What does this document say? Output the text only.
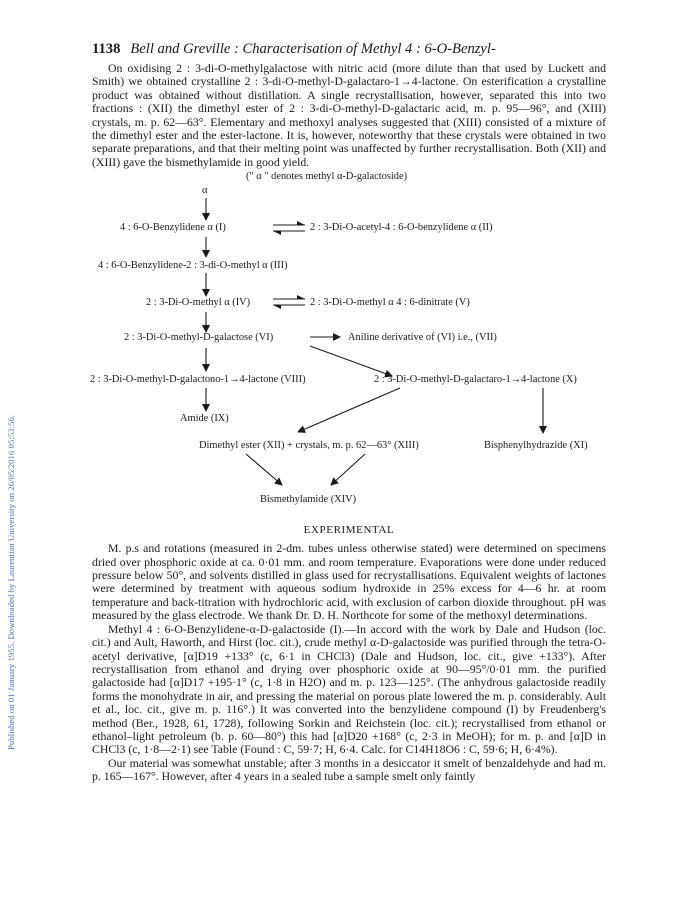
Published on 01 January 1955. Downloaded by Laurentian University on 26/05/2016 05:53:56.
1138 Bell and Greville : Characterisation of Methyl 4 : 6-O-Benzyl-

On oxidising 2 : 3-di-O-methylgalactose with nitric acid (more dilute than that used by Luckett and Smith) we obtained crystalline 2 : 3-di-O-methyl-D-galactaro-1→4-lactone. On esterification a crystalline product was obtained without distillation. A single recrystallisation, however, separated this into two fractions : (XII) the dimethyl ester of 2 : 3-di-O-methyl-D-galactaric acid, m. p. 95—96°, and (XIII) crystals, m. p. 62—63°. Elementary and methoxyl analyses suggested that (XIII) consisted of a mixture of the dimethyl ester and the ester-lactone. It is, however, noteworthy that these crystals were obtained in two separate preparations, and that their melting point was unaffected by further recrystallisation. Both (XII) and (XIII) gave the bismethylamide in good yield.

(" α " denotes methyl α-D-galactoside)
α
4 : 6-O-Benzylidene α (I)	2 : 3-Di-O-acetyl-4 : 6-O-benzylidene α (II)
4 : 6-O-Benzylidene-2 : 3-di-O-methyl α (III)
2 : 3-Di-O-methyl α (IV)	2 : 3-Di-O-methyl α 4 : 6-dinitrate (V)
2 : 3-Di-O-methyl-D-galactose (VI)	Aniline derivative of (VI) i.e., (VII)
2 : 3-Di-O-methyl-D-galactono-1→4-lactone (VIII)	2 : 3-Di-O-methyl-D-galactaro-1→4-lactone (X)
Amide (IX)
Dimethyl ester (XII) + crystals, m. p. 62—63° (XIII)	Bisphenylhydrazide (XI)
Bismethylamide (XIV)
EXPERIMENTAL

M. p.s and rotations (measured in 2-dm. tubes unless otherwise stated) were determined on specimens dried over phosphoric oxide at ca. 0·01 mm. and room temperature. Evaporations were done under reduced pressure below 50°, and solvents distilled in glass used for recrystallisations. Equivalent weights of lactones were determined by treatment with aqueous sodium hydroxide in 25% excess for 4—6 hr. at room temperature and back-titration with hydrochloric acid, with exclusion of carbon dioxide throughout. pH was measured by the glass electrode. We thank Dr. D. H. Northcote for some of the methoxyl determinations.

Methyl 4 : 6-O-Benzylidene-α-D-galactoside (I).—In accord with the work by Dale and Hudson (loc. cit.) and Ault, Haworth, and Hirst (loc. cit.), crude methyl α-D-galactoside was purified through the tetra-O-acetyl derivative, [α]D19 +133° (c, 6·1 in CHCl3) (Dale and Hudson, loc. cit., give +133°). After recrystallisation from ethanol and drying over phosphoric oxide at 90—95°/0·01 mm. the purified galactoside had [α]D17 +195·1° (c, 1·8 in H2O) and m. p. 123—125°. (The anhydrous galactoside readily forms the monohydrate in air, and pressing the material on porous plate lowered the m. p. considerably. Ault et al., loc. cit., give m. p. 116°.) It was converted into the benzylidene compound (I) by Freudenberg's method (Ber., 1928, 61, 1728), following Sorkin and Reichstein (loc. cit.); recrystallised from ethanol or ethanol–light petroleum (b. p. 60—80°) this had [α]D20 +168° (c, 2·3 in MeOH); for m. p. and [α]D in CHCl3 (c, 1·8—2·1) see Table (Found : C, 59·7; H, 6·4. Calc. for C14H18O6 : C, 59·6; H, 6·4%).

Our material was somewhat unstable; after 3 months in a desiccator it smelt of benzaldehyde and had m. p. 165—167°. However, after 4 years in a sealed tube a sample smelt only faintly
